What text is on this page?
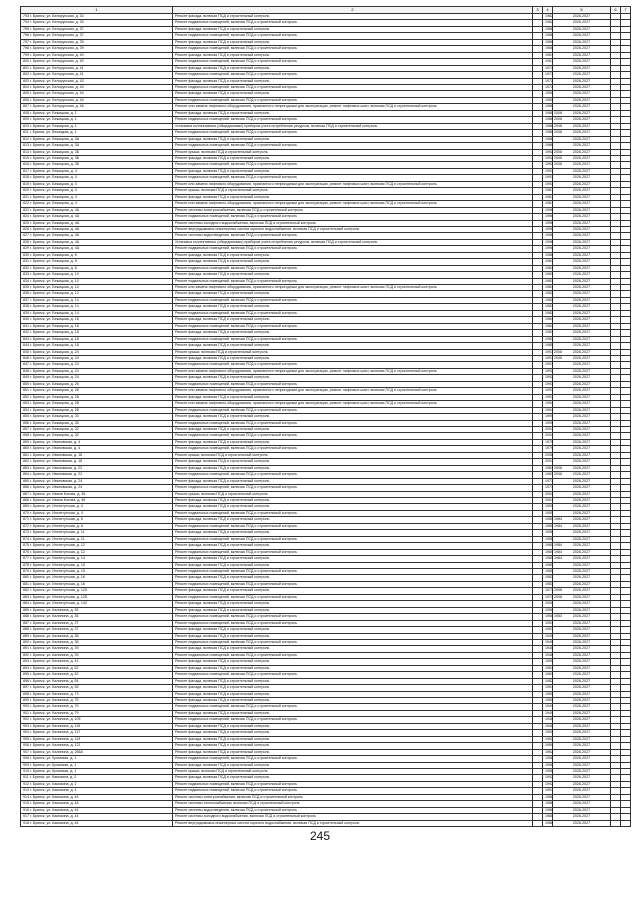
1	2	3	4	5	6	7
793 г. Брянск, ул. Белорусская, д. 34	Ремонт фасада, включая ПСД и строительный контроль		1982	2026-2027		
794 г. Брянск, ул. Белорусская, д. 34	Ремонт подвальных помещений, включая ПСД и строительный контроль		1982	2026-2027		
795 г. Брянск, ул. Белорусская, д. 37	Ремонт фасада, включая ПСД и строительный контроль		1966	2026-2027		
796 г. Брянск, ул. Белорусская, д. 37	Ремонт подвальных помещений, включая ПСД и строительный контроль		1966	2026-2027		
797 г. Брянск, ул. Белорусская, д. 39	Ремонт фасада, включая ПСД и строительный контроль		1966	2026-2027		
798 г. Брянск, ул. Белорусская, д. 39	Ремонт подвальных помещений, включая ПСД и строительный контроль		1966	2026-2027		
799 г. Брянск, ул. Белорусская, д. 40	Ремонт фасада, включая ПСД и строительный контроль		1967	2026-2027		
800 г. Брянск, ул. Белорусская, д. 40	Ремонт подвальных помещений, включая ПСД и строительный контроль		1967	2026-2027		
801 г. Брянск, ул. Белорусская, д. 41	Ремонт фасада, включая ПСД и строительный контроль		1971	2026-2027		
802 г. Брянск, ул. Белорусская, д. 41	Ремонт подвальных помещений, включая ПСД и строительный контроль		1971	2026-2027		
803 г. Брянск, ул. Белорусская, д. 43	Ремонт фасада, включая ПСД и строительный контроль		1972	2026-2027		
804 г. Брянск, ул. Белорусская, д. 43	Ремонт подвальных помещений, включая ПСД и строительный контроль		1972	2026-2027		
805 г. Брянск, ул. Белорусская, д. 44	Ремонт фасада, включая ПСД и строительный контроль		1950	2026-2027		
806 г. Брянск, ул. Белорусская, д. 44	Ремонт подвальных помещений, включая ПСД и строительный контроль		1950	2026-2027		
807 г. Брянск, ул. Белорусская, д. 46	Ремонт или замена лифтового оборудования, признанного непригодным для эксплуатации, ремонт лифтовых шахт, включая ПСД и строительный контроль		1986	2026-2027		
808 г. Брянск, ул. Бежицкая, д. 1	Ремонт фасада, включая ПСД и строительный контроль		1986 2008	2026-2027		
809 г. Брянск, ул. Бежицкая, д. 1	Ремонт подвальных помещений, включая ПСД и строительный контроль		1986 2008	2026-2027		
810 г. Брянск, ул. Бежицкая, д. 1	Установка коллективных (общедомовых) приборов учета потребления ресурсов, включая ПСД и строительный контроль		1986 2008	2026-2027		
811 г. Брянск, ул. Бежицкая, д. 1	Ремонт подвальных помещений, включая ПСД и строительный контроль		1986 2008	2026-2027		
812 г. Брянск, ул. Бежицкая, д. 3А	Ремонт фасада, включая ПСД и строительный контроль		1986	2026-2027		
813 г. Брянск, ул. Бежицкая, д. 3А	Ремонт подвальных помещений, включая ПСД и строительный контроль		1986	2026-2027		
814 г. Брянск, ул. Бежицкая, д. 3Б	Ремонт крыши, включая ПСД и строительный контроль		1992 2008	2026-2027		
815 г. Брянск, ул. Бежицкая, д. 3Б	Ремонт фасада, включая ПСД и строительный контроль		1992 2008	2026-2027		
816 г. Брянск, ул. Бежицкая, д. 3Б	Ремонт подвальных помещений, включая ПСД и строительный контроль		1992 2008	2026-2027		
817 г. Брянск, ул. Бежицкая, д. 4	Ремонт фасада, включая ПСД и строительный контроль		1993	2026-2027		
818 г. Брянск, ул. Бежицкая, д. 4	Ремонт подвальных помещений, включая ПСД и строительный контроль		1993	2026-2027		
819 г. Брянск, ул. Бежицкая, д. 4	Ремонт или замена лифтового оборудования, признанного непригодным для эксплуатации, ремонт лифтовых шахт, включая ПСД и строительный контроль		1993	2026-2027		
820 г. Брянск, ул. Бежицкая, д. 4	Ремонт крыши, включая ПСД и строительный контроль		1987	2026-2027		
821 г. Брянск, ул. Бежицкая, д. 4	Ремонт фасада, включая ПСД и строительный контроль		1987	2026-2027		
822 г. Брянск, ул. Бежицкая, д. 4	Ремонт или замена лифтового оборудования, признанного непригодным для эксплуатации, ремонт лифтовых шахт, включая ПСД и строительный контроль		1987	2026-2027		
823 г. Брянск, ул. Бежицкая, д. 4А	Ремонт системы электроснабжения, включая ПСД и строительный контроль		1996	2026-2027		
824 г. Брянск, ул. Бежицкая, д. 4А	Ремонт подвальных помещений, включая ПСД и строительный контроль		1996	2026-2027		
825 г. Брянск, ул. Бежицкая, д. 4А	Ремонт системы холодного водоснабжения, включая ПСД и строительный контроль		1996	2026-2027		
826 г. Брянск, ул. Бежицкая, д. 4А	Ремонт внутридомовых инженерных систем горячего водоснабжения, включая ПСД и строительный контроль		1996	2026-2027		
827 г. Брянск, ул. Бежицкая, д. 4А	Ремонт системы водоотведения, включая ПСД и строительный контроль		1996	2026-2027		
828 г. Брянск, ул. Бежицкая, д. 4А	Установка коллективных (общедомовых) приборов учета потребления ресурсов, включая ПСД и строительный контроль		1996	2026-2027		
829 г. Брянск, ул. Бежицкая, д. 4А	Ремонт подвальных помещений, включая ПСД и строительный контроль		1996	2026-2027		
830 г. Брянск, ул. Бежицкая, д. 6	Ремонт фасада, включая ПСД и строительный контроль		1986	2026-2027		
831 г. Брянск, ул. Бежицкая, д. 8	Ремонт фасада, включая ПСД и строительный контроль		1984	2026-2027		
832 г. Брянск, ул. Бежицкая, д. 8	Ремонт подвальных помещений, включая ПСД и строительный контроль		1984	2026-2027		
833 г. Брянск, ул. Бежицкая, д. 10	Ремонт фасада, включая ПСД и строительный контроль		1983	2026-2027		
834 г. Брянск, ул. Бежицкая, д. 10	Ремонт подвальных помещений, включая ПСД и строительный контроль		1983	2026-2027		
835 г. Брянск, ул. Бежицкая, д. 10	Ремонт или замена лифтового оборудования, признанного непригодным для эксплуатации, ремонт лифтовых шахт, включая ПСД и строительный контроль		1983	2026-2027		
836 г. Брянск, ул. Бежицкая, д. 12	Ремонт фасада, включая ПСД и строительный контроль		1982	2026-2027		
837 г. Брянск, ул. Бежицкая, д. 14	Ремонт подвальных помещений, включая ПСД и строительный контроль		1982	2026-2027		
838 г. Брянск, ул. Бежицкая, д. 14	Ремонт фасада, включая ПСД и строительный контроль		1982	2026-2027		
839 г. Брянск, ул. Бежицкая, д. 14	Ремонт подвальных помещений, включая ПСД и строительный контроль		1982	2026-2027		
840 г. Брянск, ул. Бежицкая, д. 16	Ремонт фасада, включая ПСД и строительный контроль		1984	2026-2027		
841 г. Брянск, ул. Бежицкая, д. 16	Ремонт подвальных помещений, включая ПСД и строительный контроль		1984	2026-2027		
842 г. Брянск, ул. Бежицкая, д. 18	Ремонт фасада, включая ПСД и строительный контроль		1983	2026-2027		
843 г. Брянск, ул. Бежицкая, д. 18	Ремонт подвальных помещений, включая ПСД и строительный контроль		1983	2026-2027		
844 г. Брянск, ул. Бежицкая, д. 18	Ремонт фасада, включая ПСД и строительный контроль		1985	2026-2027		
845 г. Брянск, ул. Бежицкая, д. 24	Ремонт крыши, включая ПСД и строительный контроль		1997 2008	2026-2027		
846 г. Брянск, ул. Бежицкая, д. 24	Ремонт фасада, включая ПСД и строительный контроль		1997 2008	2026-2027		
847 г. Брянск, ул. Бежицкая, д. 24	Ремонт подвальных помещений, включая ПСД и строительный контроль		1997	2026-2027		
848 г. Брянск, ул. Бежицкая, д. 24	Ремонт или замена лифтового оборудования, признанного непригодным для эксплуатации, ремонт лифтовых шахт, включая ПСД и строительный контроль		1992	2026-2027		
849 г. Брянск, ул. Бежицкая, д. 24	Ремонт фасада, включая ПСД и строительный контроль		1992	2026-2027		
850 г. Брянск, ул. Бежицкая, д. 26	Ремонт подвальных помещений, включая ПСД и строительный контроль		1993	2026-2027		
851 г. Брянск, ул. Бежицкая, д. 26	Ремонт или замена лифтового оборудования, признанного непригодным для эксплуатации, ремонт лифтовых шахт, включая ПСД и строительный контроль		1993	2026-2027		
852 г. Брянск, ул. Бежицкая, д. 28	Ремонт фасада, включая ПСД и строительный контроль		1993	2026-2027		
853 г. Брянск, ул. Бежицкая, д. 28	Ремонт или замена лифтового оборудования, признанного непригодным для эксплуатации, ремонт лифтовых шахт, включая ПСД и строительный контроль		1994	2026-2027		
854 г. Брянск, ул. Бежицкая, д. 28	Ремонт подвальных помещений, включая ПСД и строительный контроль		1994	2026-2027		
855 г. Брянск, ул. Бежицкая, д. 30	Ремонт фасада, включая ПСД и строительный контроль		1995	2026-2027		
856 г. Брянск, ул. Бежицкая, д. 30	Ремонт подвальных помещений, включая ПСД и строительный контроль		1995	2026-2027		
857 г. Брянск, ул. Бежицкая, д. 32	Ремонт фасада, включая ПСД и строительный контроль		2004	2026-2027		
858 г. Брянск, ул. Бежицкая, д. 32	Ремонт подвальных помещений, включая ПСД и строительный контроль		2004	2026-2027		
859 г. Брянск, ул. Ивановская, д. 4	Ремонт фасада, включая ПСД и строительный контроль		1979	2026-2027		
860 г. Брянск, ул. Ивановская, д. 4	Ремонт подвальных помещений, включая ПСД и строительный контроль		1979	2026-2027		
861 г. Брянск, ул. Ивановская, д. 16	Ремонт крыши, включая ПСД и строительный контроль		2006	2026-2027		
862 г. Брянск, ул. Ивановская, д. 18	Ремонт фасада, включая ПСД и строительный контроль		2004	2026-2027		
863 г. Брянск, ул. Ивановская, д. 22	Ремонт фасада, включая ПСД и строительный контроль		1981 2006	2026-2027		
864 г. Брянск, ул. Ивановская, д. 22	Ремонт подвальных помещений, включая ПСД и строительный контроль		1981 2006	2026-2027		
865 г. Брянск, ул. Ивановская, д. 24	Ремонт фасада, включая ПСД и строительный контроль		1973	2026-2027		
866 г. Брянск, ул. Ивановская, д. 24	Ремонт подвальных помещений, включая ПСД и строительный контроль		1973	2026-2027		
867 г. Брянск, ул. Ивана Котова, д. 45	Ремонт крыши, включая ПСД и строительный контроль		2004	2026-2027		
868 г. Брянск, ул. Ивана Котова, д. 45	Ремонт фасада, включая ПСД и строительный контроль		2004	2026-2027		
869 г. Брянск, ул. Институтская, д. 4	Ремонт фасада, включая ПСД и строительный контроль		1955	2026-2027		
870 г. Брянск, ул. Институтская, д. 4	Ремонт подвальных помещений, включая ПСД и строительный контроль		1955	2026-2027		
871 г. Брянск, ул. Институтская, д. 6	Ремонт фасада, включая ПСД и строительный контроль		1980 1984	2026-2027		
872 г. Брянск, ул. Институтская, д. 6	Ремонт подвальных помещений, включая ПСД и строительный контроль		1980 1984	2026-2027		
873 г. Брянск, ул. Институтская, д. 11	Ремонт фасада, включая ПСД и строительный контроль		1956	2026-2027		
874 г. Брянск, ул. Институтская, д. 11	Ремонт подвальных помещений, включая ПСД и строительный контроль		1956	2026-2027		
875 г. Брянск, ул. Институтская, д. 12	Ремонт фасада, включая ПСД и строительный контроль		1980 1984	2026-2027		
876 г. Брянск, ул. Институтская, д. 12	Ремонт подвальных помещений, включая ПСД и строительный контроль		1980 1984	2026-2027		
877 г. Брянск, ул. Институтская, д. 14	Ремонт фасада, включая ПСД и строительный контроль		1980 1984	2026-2027		
878 г. Брянск, ул. Институтская, д. 15	Ремонт фасада, включая ПСД и строительный контроль		1980	2026-2027		
879 г. Брянск, ул. Институтская, д. 15	Ремонт подвальных помещений, включая ПСД и строительный контроль		1980	2026-2027		
880 г. Брянск, ул. Институтская, д. 16	Ремонт фасада, включая ПСД и строительный контроль		1983	2026-2027		
881 г. Брянск, ул. Институтская, д. 16	Ремонт подвальных помещений, включая ПСД и строительный контроль		1983	2026-2027		
882 г. Брянск, ул. Институтская, д. 125	Ремонт фасада, включая ПСД и строительный контроль		1973 2008	2026-2027		
883 г. Брянск, ул. Институтская, д. 125	Ремонт подвальных помещений, включая ПСД и строительный контроль		1973 2008	2026-2027		
884 г. Брянск, ул. Институтская, д. 142	Ремонт фасада, включая ПСД и строительный контроль		2008	2026-2027		
885 г. Брянск, ул. Калинина, д. 35	Ремонт фасада, включая ПСД и строительный контроль		1958	2026-2027		
886 г. Брянск, ул. Калинина, д. 36	Ремонт подвальных помещений, включая ПСД и строительный контроль		1958 1953	2026-2027		
887 г. Брянск, ул. Калинина, д. 37	Ремонт подвальных помещений, включая ПСД и строительный контроль		1953	2026-2027		
888 г. Брянск, ул. Калинина, д. 37	Ремонт фасада, включая ПСД и строительный контроль		1951	2026-2027		
889 г. Брянск, ул. Калинина, д. 38	Ремонт фасада, включая ПСД и строительный контроль		1949	2026-2027		
890 г. Брянск, ул. Калинина, д. 38	Ремонт подвальных помещений, включая ПСД и строительный контроль		1949	2026-2027		
891 г. Брянск, ул. Калинина, д. 39	Ремонт фасада, включая ПСД и строительный контроль		1948	2026-2027		
892 г. Брянск, ул. Калинина, д. 39	Ремонт подвальных помещений, включая ПСД и строительный контроль		1948	2026-2027		
893 г. Брянск, ул. Калинина, д. 41	Ремонт фасада, включая ПСД и строительный контроль		1955	2026-2027		
894 г. Брянск, ул. Калинина, д. 52	Ремонт фасада, включая ПСД и строительный контроль		1961	2026-2027		
895 г. Брянск, ул. Калинина, д. 52	Ремонт подвальных помещений, включая ПСД и строительный контроль		1961	2026-2027		
896 г. Брянск, ул. Калинина, д. 54	Ремонт фасада, включая ПСД и строительный контроль		1982	2026-2027		
897 г. Брянск, ул. Калинина, д. 55	Ремонт фасада, включая ПСД и строительный контроль		1951	2026-2027		
898 г. Брянск, ул. Калинина, д. 73	Ремонт фасада, включая ПСД и строительный контроль		1950	2026-2027		
899 г. Брянск, ул. Калинина, д. 75	Ремонт фасада, включая ПСД и строительный контроль		1950	2026-2027		
900 г. Брянск, ул. Калинина, д. 79	Ремонт подвальных помещений, включая ПСД и строительный контроль		1949	2026-2027		
901 г. Брянск, ул. Калинина, д. 79	Ремонт фасада, включая ПСД и строительный контроль		1949	2026-2027		
902 г. Брянск, ул. Калинина, д. 105	Ремонт подвальных помещений, включая ПСД и строительный контроль		1948	2026-2027		
903 г. Брянск, ул. Калинина, д. 115	Ремонт фасада, включая ПСД и строительный контроль		1948	2026-2027		
904 г. Брянск, ул. Калинина, д. 117	Ремонт фасада, включая ПСД и строительный контроль		1900	2026-2027		
905 г. Брянск, ул. Калинина, д. 119	Ремонт фасада, включая ПСД и строительный контроль		1952	2026-2027		
906 г. Брянск, ул. Калинина, д. 121	Ремонт фасада, включая ПСД и строительный контроль		1950	2026-2027		
907 г. Брянск, ул. Калинина, д. 266А	Ремонт фасада, включая ПСД и строительный контроль		1962	2026-2027		
908 г. Брянск, ул. Кромская, д. 1	Ремонт подвальных помещений, включая ПСД и строительный контроль		1958	2026-2027		
909 г. Брянск, ул. Кромская, д. 1	Ремонт фасада, включая ПСД и строительный контроль		1958	2026-2027		
910 г. Брянск, ул. Кромская, д. 1	Ремонт крыши, включая ПСД и строительный контроль		1958	2026-2027		
911 г. Брянск, ул. Камозина, д. 2	Ремонт фасада, включая ПСД и строительный контроль		1992	2026-2027		
912 г. Брянск, ул. Камозина, д. 2	Ремонт подвальных помещений, включая ПСД и строительный контроль		1992	2026-2027		
913 г. Брянск, ул. Камозина, д. 4	Ремонт подвальных помещений, включая ПСД и строительный контроль		1993	2026-2027		
914 г. Брянск, ул. Камозина, д. 44	Ремонт системы электроснабжения, включая ПСД и строительный контроль		1988	2026-2027		
915 г. Брянск, ул. Камозина, д. 44	Ремонт системы теплоснабжения, включая ПСД и строительный контроль		1988	2026-2027		
916 г. Брянск, ул. Камозина, д. 44	Ремонт системы водоотведения, включая ПСД и строительный контроль		1988	2026-2027		
917 г. Брянск, ул. Камозина, д. 44	Ремонт системы холодного водоснабжения, включая ПСД и строительный контроль		1988	2026-2027		
918 г. Брянск, ул. Камозина, д. 44	Ремонт внутридомовых инженерных систем горячего водоснабжения, включая ПСД и строительный контроль		1988	2026-2027		
245
